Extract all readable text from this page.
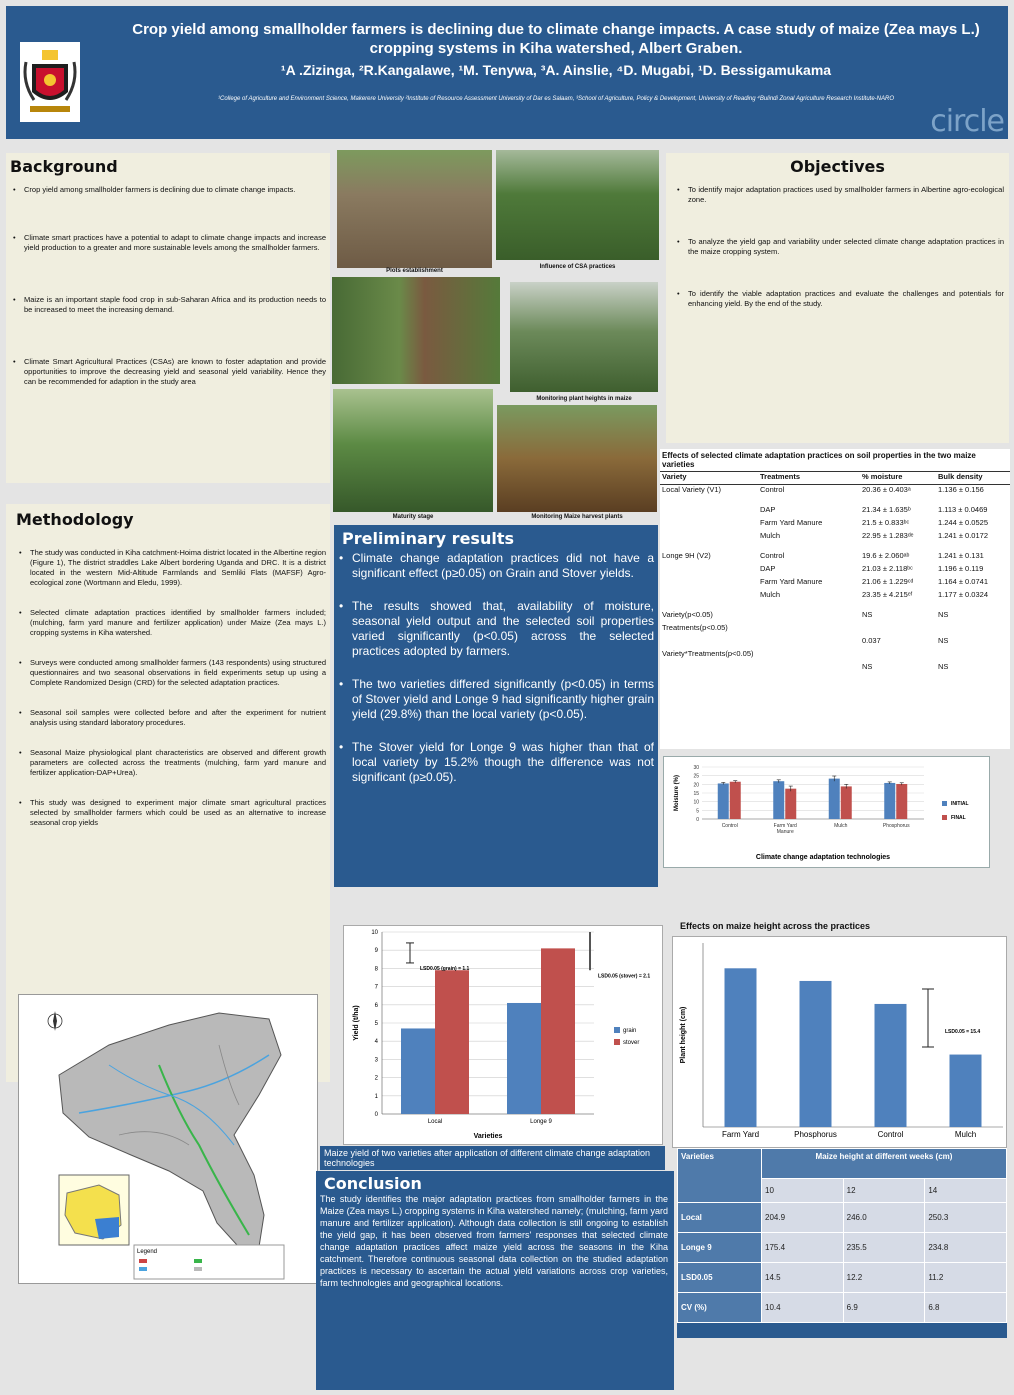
Crop yield among smallholder farmers is declining due to climate change impacts. A case study of maize (Zea mays L.) cropping systems in Kiha watershed, Albert Graben.
¹A .Zizinga, ²R.Kangalawe, ¹M. Tenywa, ³A. Ainslie, ⁴D. Mugabi, ¹D. Bessigamukama
¹College of Agriculture and Environment Science, Makerere University ²Institute of Resource Assessment University of Dar es Salaam, ³School of Agriculture, Policy & Development, University of Reading ⁴Bulindi Zonal Agriculture Research Institute-NARO
circle
Background
• Crop yield among smallholder farmers is declining due to climate change impacts.
• Climate smart practices have a potential to adapt to climate change impacts and increase yield production to a greater and more sustainable levels among the smallholder farmers.
• Maize is an important staple food crop in sub-Saharan Africa and its production needs to be increased to meet the increasing demand.
• Climate Smart Agricultural Practices (CSAs) are known to foster adaptation and provide opportunities to improve the decreasing yield and seasonal yield variability. Hence they can be recommended for adaption in the study area
Methodology
• The study was conducted in Kiha catchment-Hoima district located in the Albertine region (Figure 1), The district straddles Lake Albert bordering Uganda and DRC. It is a district located in the western Mid-Altitude Farmlands and Semliki Flats (MAFSF) Agro-ecological zone (Wortmann and Eledu, 1999).
• Selected climate adaptation practices identified by smallholder farmers included; (mulching, farm yard manure and fertilizer application) under Maize (Zea mays L.) cropping systems in Kiha watershed.
• Surveys were conducted among smallholder farmers (143 respondents) using structured questionnaires and two seasonal observations in field experiments setup up using a Complete Randomized Design (CRD) for the selected adaptation practices.
• Seasonal soil samples were collected before and after the experiment for nutrient analysis using standard laboratory procedures.
• Seasonal Maize physiological plant characteristics are observed and different growth parameters are collected across the treatments (mulching, farm yard manure and fertilizer application-DAP+Urea).
• This study was designed to experiment major climate smart agricultural practices selected by smallholder farmers which could be used as an alternative to increase seasonal crop yields
Legend
Plots establishment
Influence of CSA practices
Monitoring plant heights in maize
Maturity stage	Monitoring Maize harvest plants
Objectives
• To identify major adaptation practices used by smallholder farmers in Albertine agro-ecological zone.
• To analyze the yield gap and variability under selected climate change adaptation practices in the maize cropping system.
• To identify the viable adaptation practices and evaluate the challenges and potentials for enhancing yield. By the end of the study.
Preliminary results
• Climate change adaptation practices did not have a significant effect (p≥0.05) on Grain and Stover yields.
• The results showed that, availability of moisture, seasonal yield output and the selected soil properties varied significantly (p<0.05) across the selected practices adopted by farmers.
• The two varieties differed significantly (p<0.05) in terms of Stover yield and Longe 9 had significantly higher grain yield (29.8%) than the local variety (p<0.05).
• The Stover yield for Longe 9 was higher than that of local variety by 15.2% though the difference was not significant (p≥0.05).
Effects of selected climate adaptation practices on soil properties in the two maize varieties
Variety	Treatments	% moisture	Bulk density
Local Variety (V1)	Control	20.36 ± 0.403ᵃ	1.136 ± 0.156
	DAP	21.34 ± 1.635ᵇ	1.113 ± 0.0469
	Farm Yard Manure	21.5 ± 0.833ᵇᶜ	1.244 ± 0.0525
	Mulch	22.95 ± 1.283ᵈᵉ	1.241 ± 0.0172
Longe 9H (V2)	Control	19.6 ± 2.060ᵃᵇ	1.241 ± 0.131
	DAP	21.03 ± 2.118ᵇᶜ	1.196 ± 0.119
	Farm Yard Manure	21.06 ± 1.229ᶜᵈ	1.164 ± 0.0741
	Mulch	23.35 ± 4.215ᵉᶠ	1.177 ± 0.0324
Variety(p<0.05)		NS	NS
Treatments(p<0.05)			
		0.037	NS
Variety*Treatments(p<0.05)			
		NS	NS
0
5
10
15
20
25
30
Control	Farm Yard
Manure
Mulch	Phosphorus
Moisture (%)
Climate change adaptation technologies
INITIAL
FINAL
0
1
2
3
4
5
6
7
8
9
10
Local	Longe 9
Yield (t/ha)
Varieties
LSD0.05 (grain) = 1.1
LSD0.05 (stover) = 2.1
grain
stover
Maize yield of two varieties after application of different climate change adaptation technologies
Effects on maize height across the practices
Farm Yard	Phosphorus	Control	Mulch
Plant height (cm)	LSD0.05 = 15.4
Conclusion
The study identifies the major adaptation practices from smallholder farmers in the Maize (Zea mays L.) cropping systems in Kiha watershed namely; (mulching, farm yard manure and fertilizer application). Although data collection is still ongoing to establish the yield gap, it has been observed from farmers' responses that selected climate change adaptation practices affect maize yield across the seasons in the Kiha catchment. Therefore continuous seasonal data collection on the studied adaptation practices is necessary to ascertain the actual yield variations across crop varieties, farm technologies and geographical locations.
Varieties	Maize height at different weeks (cm)		
	10	12	14
Local	204.9	246.0	250.3
Longe 9	175.4	235.5	234.8
LSD0.05	14.5	12.2	11.2
CV (%)	10.4	6.9	6.8
